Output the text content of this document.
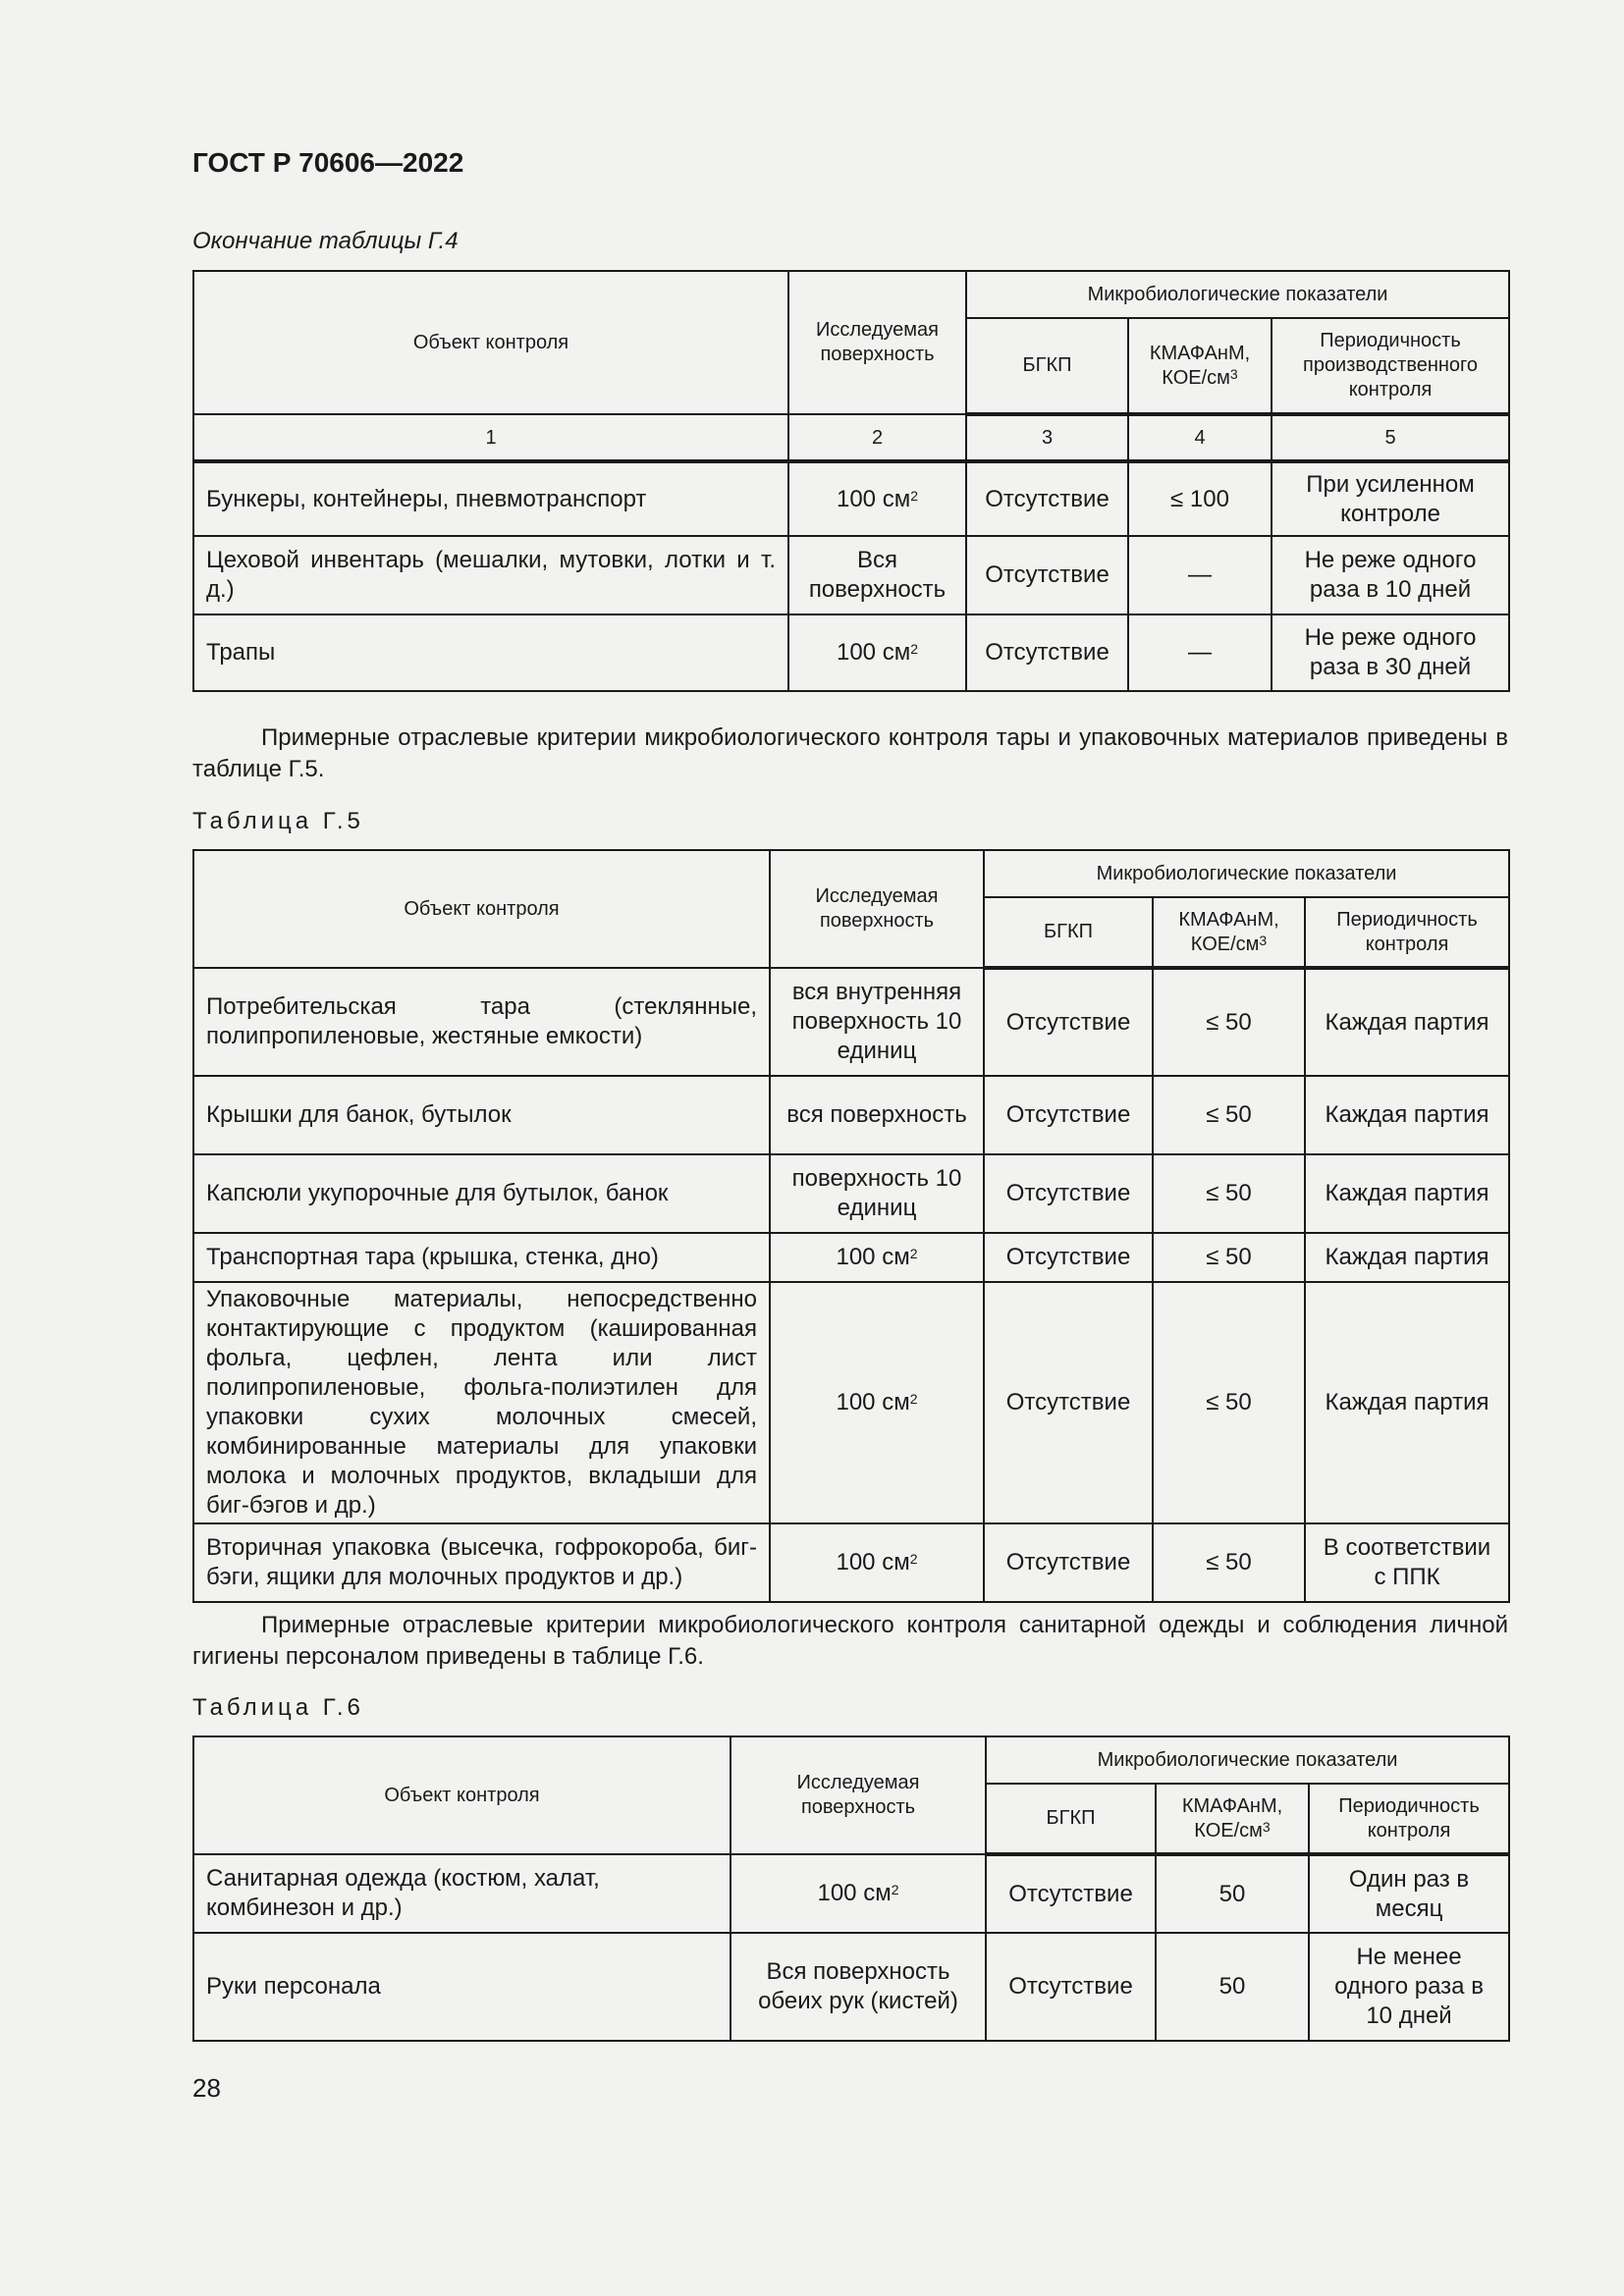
ГОСТ Р 70606—2022
Окончание таблицы Г.4
Объект контроля	Исследуемая поверхность	Микробиологические показатели		
		БГКП	КМАФАнМ, КОЕ/$см^3$	Периодичность производственного контроля
1	2	3	4	5
Бункеры, контейнеры, пневмотранспорт	100 $см^2$	Отсутствие	≤ 100	При усиленном контроле
Цеховой инвентарь (мешалки, мутовки, лотки и т. д.)	Вся поверхность	Отсутствие	—	Не реже одного раза в 10 дней
Трапы	100 $см^2$	Отсутствие	—	Не реже одного раза в 30 дней
Примерные отраслевые критерии микробиологического контроля тары и упаковочных материалов приведены в таблице Г.5.
Таблица Г.5
Объект контроля	Исследуемая поверхность	Микробиологические показатели		
		БГКП	КМАФАнМ, КОЕ/$см^3$	Периодичность контроля
Потребительская тара (стеклянные, полипропиленовые, жестяные емкости)	вся внутренняя поверхность 10 единиц	Отсутствие	≤ 50	Каждая партия
Крышки для банок, бутылок	вся поверхность	Отсутствие	≤ 50	Каждая партия
Капсюли укупорочные для бутылок, банок	поверхность 10 единиц	Отсутствие	≤ 50	Каждая партия
Транспортная тара (крышка, стенка, дно)	100 $см^2$	Отсутствие	≤ 50	Каждая партия
Упаковочные материалы, непосредственно контактирующие с продуктом (кашированная фольга, цефлен, лента или лист полипропиленовые, фольга-полиэтилен для упаковки сухих молочных смесей, комбинированные материалы для упаковки молока и молочных продуктов, вкладыши для биг-бэгов и др.)	100 $см^2$	Отсутствие	≤ 50	Каждая партия
Вторичная упаковка (высечка, гофрокороба, биг-бэги, ящики для молочных продуктов и др.)	100 $см^2$	Отсутствие	≤ 50	В соответствии с ППК
Примерные отраслевые критерии микробиологического контроля санитарной одежды и соблюдения личной гигиены персоналом приведены в таблице Г.6.
Таблица Г.6
Объект контроля	Исследуемая поверхность	Микробиологические показатели		
		БГКП	КМАФАнМ, КОЕ/$см^3$	Периодичность контроля
Санитарная одежда (костюм, халат, комбинезон и др.)	100 $см^2$	Отсутствие	50	Один раз в месяц
Руки персонала	Вся поверхность обеих рук (кистей)	Отсутствие	50	Не менее одного раза в 10 дней
28
